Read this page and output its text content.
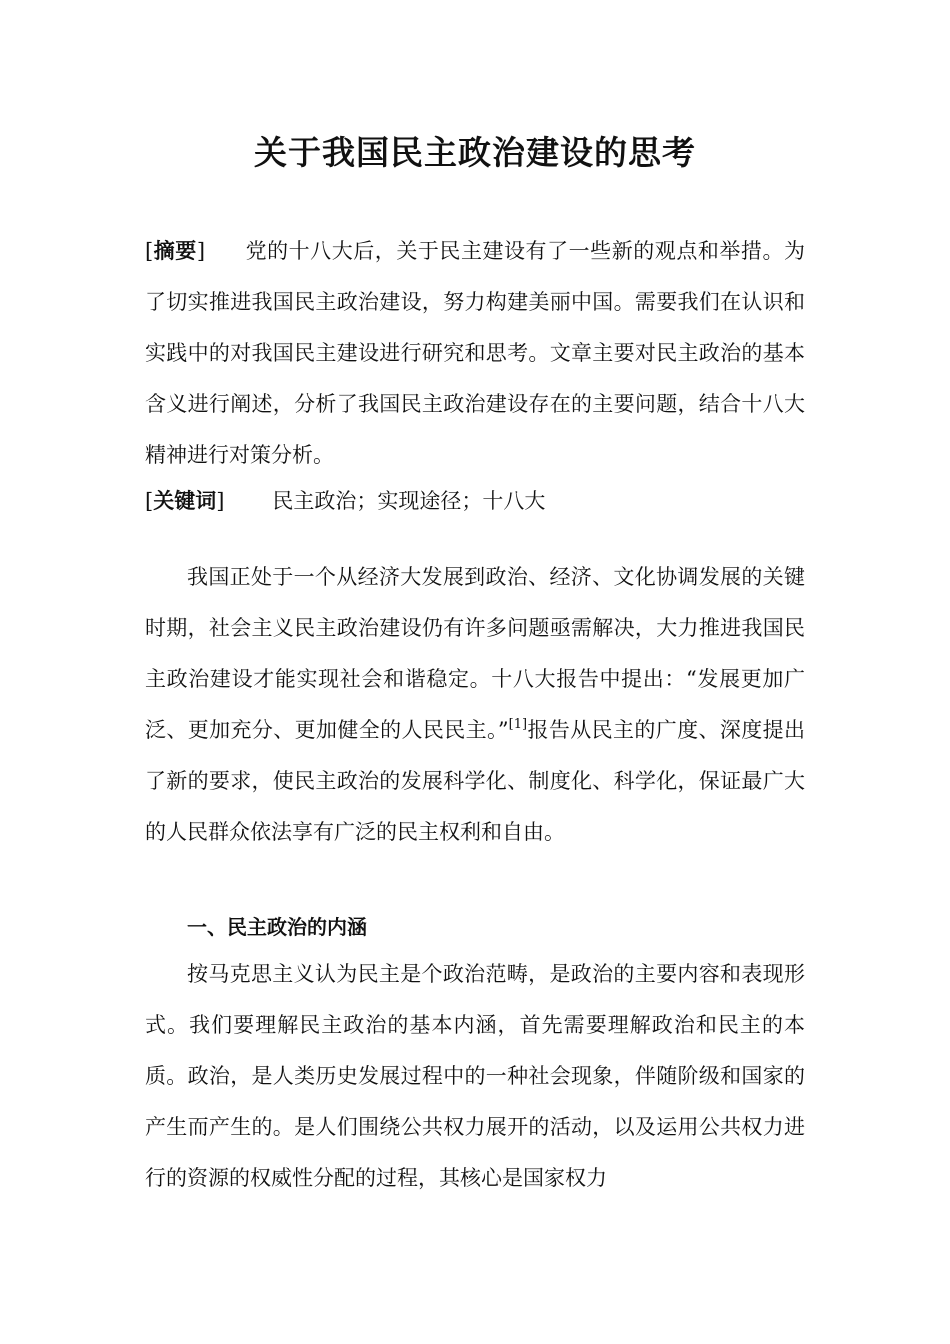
关于我国民主政治建设的思考
[摘要] 党的十八大后，关于民主建设有了一些新的观点和举措。为了切实推进我国民主政治建设，努力构建美丽中国。需要我们在认识和实践中的对我国民主建设进行研究和思考。文章主要对民主政治的基本含义进行阐述，分析了我国民主政治建设存在的主要问题，结合十八大精神进行对策分析。
[关键词] 民主政治；实现途径；十八大
我国正处于一个从经济大发展到政治、经济、文化协调发展的关键时期，社会主义民主政治建设仍有许多问题亟需解决，大力推进我国民主政治建设才能实现社会和谐稳定。十八大报告中提出：“发展更加广泛、更加充分、更加健全的人民民主。”[1]报告从民主的广度、深度提出了新的要求，使民主政治的发展科学化、制度化、科学化，保证最广大的人民群众依法享有广泛的民主权利和自由。
一、民主政治的内涵
按马克思主义认为民主是个政治范畴，是政治的主要内容和表现形式。我们要理解民主政治的基本内涵，首先需要理解政治和民主的本质。政治，是人类历史发展过程中的一种社会现象，伴随阶级和国家的产生而产生的。是人们围绕公共权力展开的活动，以及运用公共权力进行的资源的权威性分配的过程，其核心是国家权力
